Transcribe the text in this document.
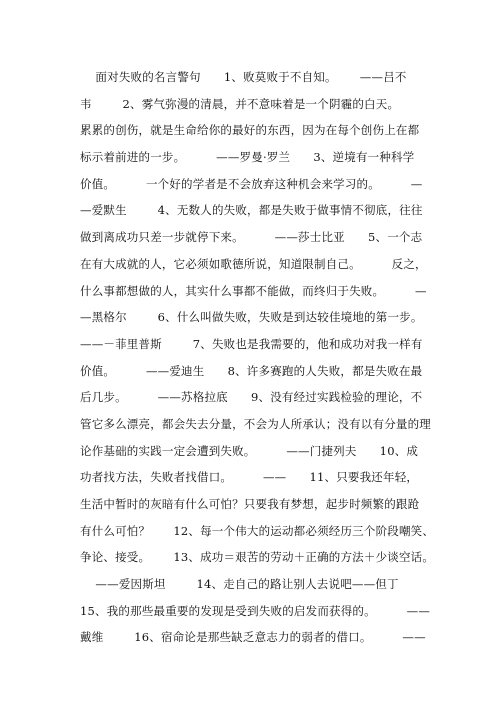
面对失败的名言警句      1、败莫败于不自知。      ——吕不
韦        2、雾气弥漫的清晨，并不意味着是一个阴霾的白天。
累累的创伤，就是生命给你的最好的东西，因为在每个创伤上在都
标示着前进的一步。        ——罗曼·罗兰      3、逆境有一种科学
价值。        一个好的学者是不会放弃这种机会来学习的。        —
—爱默生        4、无数人的失败，都是失败于做事情不彻底，往往
做到离成功只差一步就停下来。        ——莎士比亚      5、一个志
在有大成就的人，它必须如歌德所说，知道限制自己。        反之，
什么事都想做的人，其实什么事都不能做，而终归于失败。        —
—黑格尔        6、什么叫做失败，失败是到达较佳境地的第一步。
——－菲里普斯        7、失败也是我需要的，他和成功对我一样有
价值。        ——爱迪生      8、许多赛跑的人失败，都是失败在最
后几步。        ——苏格拉底      9、没有经过实践检验的理论，不
管它多么漂亮，都会失去分量，不会为人所承认；没有以有分量的理
论作基础的实践一定会遭到失败。        ——门捷列夫      10、成
功者找方法，失败者找借口。        ——      11、只要我还年轻，
生活中暂时的灰暗有什么可怕？只要我有梦想，起步时频繁的跟跄
有什么可怕？      12、每一个伟大的运动都必须经历三个阶段嘲笑、
争论、接受。      13、成功＝艰苦的劳动＋正确的方法＋少谈空话。
——爱因斯坦        14、走自己的路让别人去说吧——但丁
15、我的那些最重要的发现是受到失败的启发而获得的。        ——
戴维        16、宿命论是那些缺乏意志力的弱者的借口。        ——
